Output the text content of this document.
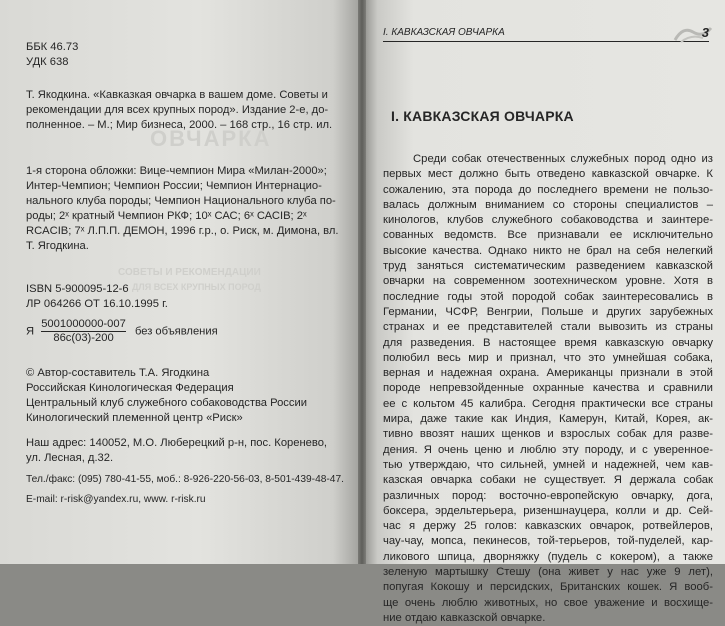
ОВЧАРКА
СОВЕТЫ И РЕКОМЕНДАЦИИ
ДЛЯ ВСЕХ КРУПНЫХ ПОРОД
ББК 46.73
УДК 638
Т. Якодкина. «Кавказкая овчарка в вашем доме. Советы и
рекомендации для всех крупных пород». Издание 2-е, до-
полненное. – М.; Мир бизнеса, 2000. – 168 стр., 16 стр. ил.
1-я сторона обложки: Вице-чемпион Мира «Милан-2000»;
Интер-Чемпион; Чемпион России; Чемпион Интернацио-
нального клуба породы; Чемпион Национального клуба по-
роды; 2ˣ кратный Чемпион РКФ; 10ˣ САС; 6ˣ САСIВ; 2ˣ
RCACIB; 7ˣ Л.П.П. ДЕМОН, 1996 г.р., о. Риск, м. Димона, вл.
Т. Ягодкина.
ISBN 5-900095-12-6
ЛР 064266 ОТ 16.10.1995 г.
Я $\frac{5001000000-007}{86с(03)-200}$ без объявления
© Автор-составитель Т.А. Ягодкина
Российская Кинологическая Федерация
Центральный клуб служебного собаководства России
Кинологический племенной центр «Риск»
Наш адрес: 140052, М.О. Люберецкий р-н, пос. Коренево,
ул. Лесная, д.32.
Тел./факс: (095) 780-41-55, моб.: 8-926-220-56-03, 8-501-439-48-47.
E-mail: r-risk@yandex.ru, www. r-risk.ru
I. КАВКАЗСКАЯ ОВЧАРКА	3
I. КАВКАЗСКАЯ ОВЧАРКА
Среди собак отечественных служебных пород одно из
первых мест должно быть отведено кавказской овчарке. К
сожалению, эта порода до последнего времени не пользо-
валась должным вниманием со стороны специалистов –
кинологов, клубов служебного собаководства и заинтере-
сованных ведомств. Все признавали ее исключительно
высокие качества. Однако никто не брал на себя нелегкий
труд заняться систематическим разведением кавказской
овчарки на современном зоотехническом уровне. Хотя в
последние годы этой породой собак заинтересовались в
Германии, ЧСФР, Венгрии, Польше и других зарубежных
странах и ее представителей стали вывозить из страны
для разведения. В настоящее время кавказскую овчарку
полюбил весь мир и признал, что это умнейшая собака,
верная и надежная охрана. Американцы признали в этой
породе непревзойденные охранные качества и сравнили
ее с кольтом 45 калибра. Сегодня практически все страны
мира, даже такие как Индия, Камерун, Китай, Корея, ак-
тивно ввозят наших щенков и взрослых собак для разве-
дения. Я очень ценю и люблю эту породу, и с уверенное-
тью утверждаю, что сильней, умней и надежней, чем кав-
казская овчарка собаки не существует. Я держала собак
различных пород: восточно-европейскую овчарку, дога,
боксера, эрдельтерьера, ризеншнауцера, колли и др. Сей-
час я держу 25 голов: кавказских овчарок, ротвейлеров,
чау-чау, мопса, пекинесов, той-терьеров, той-пуделей, кар-
ликового шпица, дворняжку (пудель с кокером), а также
зеленую мартышку Стешу (она живет у нас уже 9 лет),
попугая Кокошу и персидских, Британских кошек. Я вооб-
ще очень люблю животных, но свое уважение и восхище-
ние отдаю кавказской овчарке.
